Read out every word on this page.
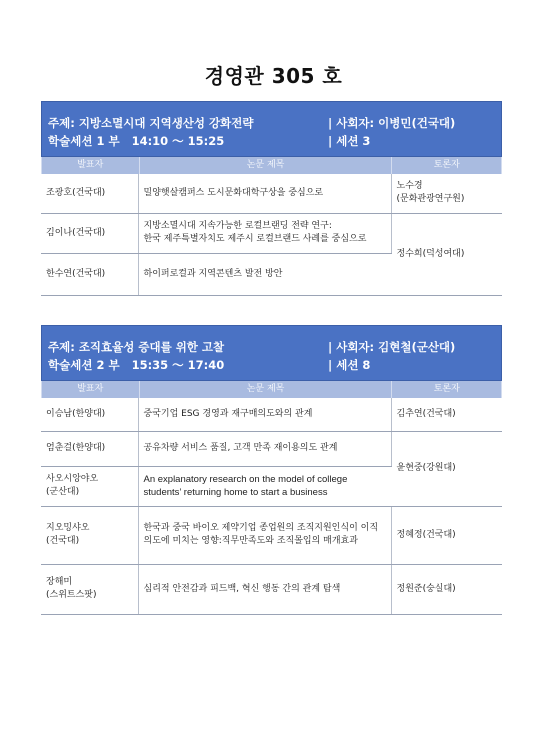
경영관 305 호
주제: 지방소멸시대 지역생산성 강화전략
학술세션 1 부   14:10 ～ 15:25
| 사회자: 이병민(건국대)
| 세션 3
발표자	논문 제목	토론자
조광호(건국대)	밀양햇살캠퍼스 도시문화대학구상을 중심으로	노수경
(문화관광연구원)
김이나(건국대)	지방소멸시대 지속가능한 로컬브랜딩 전략 연구:
한국 제주특별자치도 제주시 로컬브랜드 사례를 중심으로	정수희(덕성여대)
한수연(건국대)	하이퍼로컬과 지역콘텐츠 발전 방안	
주제: 조직효율성 증대를 위한 고찰
학술세션 2 부   15:35 ～ 17:40
| 사회자: 김현철(군산대)
| 세션 8
발표자	논문 제목	토론자
이승남(한양대)	중국기업 ESG 경영과 재구매의도와의 관계	김추연(건국대)
엄춘걸(한양대)	공유차량 서비스 품질, 고객 만족 재이용의도 관계	윤현중(강원대)
사오시앙야오
(군산대)	An explanatory research on the model of college students’ returning home to start a business	
지오밍샤오
(건국대)	한국과 중국 바이오 제약기업 종업원의 조직지원인식이 이직의도에 미치는 영향:직무만족도와 조직몰입의 매개효과	정혜정(건국대)
장해미
(스위트스팟)	심리적 안전감과 피드백, 혁신 행동 간의 관계 탐색	정원준(숭실대)
